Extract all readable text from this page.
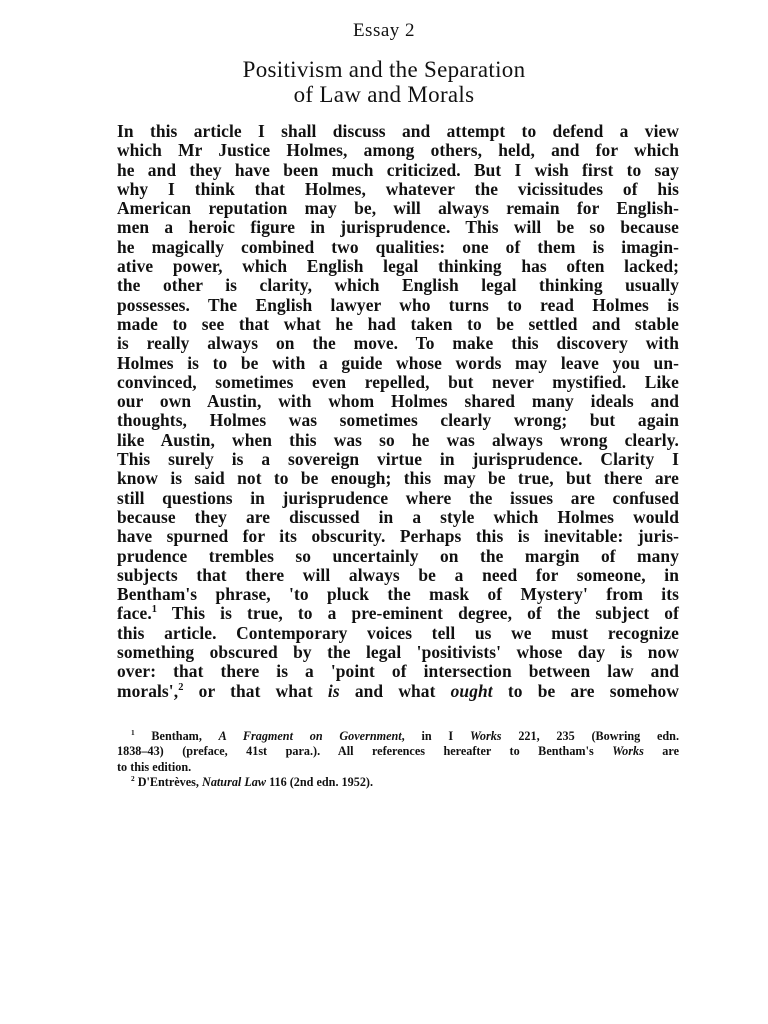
Essay 2
Positivism and the Separation
of Law and Morals
In this article I shall discuss and attempt to defend a view
which Mr Justice Holmes, among others, held, and for which
he and they have been much criticized. But I wish first to say
why I think that Holmes, whatever the vicissitudes of his
American reputation may be, will always remain for English-
men a heroic figure in jurisprudence. This will be so because
he magically combined two qualities: one of them is imagin-
ative power, which English legal thinking has often lacked;
the other is clarity, which English legal thinking usually
possesses. The English lawyer who turns to read Holmes is
made to see that what he had taken to be settled and stable
is really always on the move. To make this discovery with
Holmes is to be with a guide whose words may leave you un-
convinced, sometimes even repelled, but never mystified. Like
our own Austin, with whom Holmes shared many ideals and
thoughts, Holmes was sometimes clearly wrong; but again
like Austin, when this was so he was always wrong clearly.
This surely is a sovereign virtue in jurisprudence. Clarity I
know is said not to be enough; this may be true, but there are
still questions in jurisprudence where the issues are confused
because they are discussed in a style which Holmes would
have spurned for its obscurity. Perhaps this is inevitable: juris-
prudence trembles so uncertainly on the margin of many
subjects that there will always be a need for someone, in
Bentham's phrase, 'to pluck the mask of Mystery' from its
face.$^1$ This is true, to a pre-eminent degree, of the subject of
this article. Contemporary voices tell us we must recognize
something obscured by the legal 'positivists' whose day is now
over: that there is a 'point of intersection between law and
morals',$^2$ or that what is and what ought to be are somehow
$^1$ Bentham, A Fragment on Government, in I Works 221, 235 (Bowring edn.
1838–43) (preface, 41st para.). All references hereafter to Bentham's Works are
to this edition.
$^2$ D'Entrèves, Natural Law 116 (2nd edn. 1952).
